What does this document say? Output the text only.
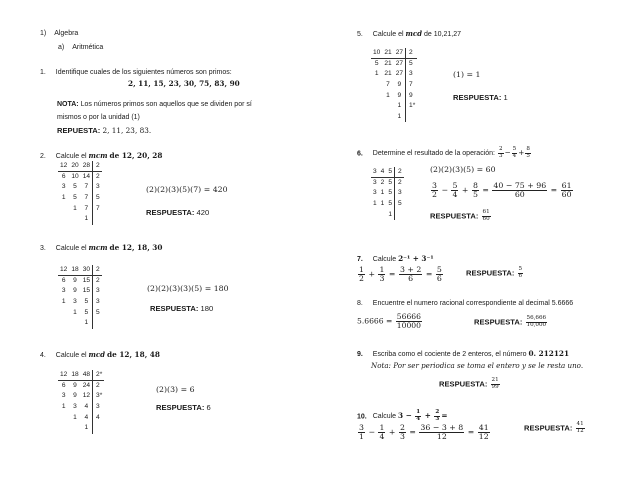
1) Algebra
a) Aritmética
1. Identifique cuales de los siguientes números son primos:
2, 11, 15, 23, 30, 75, 83, 90
NOTA: Los números primos son aquellos que se dividen por sí
mismos o por la unidad (1)
REPUESTA: 2, 11, 23, 83.
2. Calcule el mcm de 12, 20, 28
12	20	28	2
6	10	14	2
3	5	7	3
1	5	7	5
	1	7	7
		1	
(2)(2)(3)(5)(7) = 420
RESPUESTA: 420
3. Calcule el mcm de 12, 18, 30
12	18	30	2
6	9	15	2
3	9	15	3
1	3	5	3
	1	5	5
		1	
(2)(2)(3)(3)(5) = 180
RESPUESTA: 180
4. Calcule el mcd de 12, 18, 48
12	18	48	2*
6	9	24	2
3	9	12	3*
1	3	4	3
	1	4	4
		1	
(2)(3) = 6
RESPUESTA: 6
5. Calcule el mcd de 10,21,27
10	21	27	2
5	21	27	5
1	21	27	3
	7	9	7
	1	9	9
		1	1*
		1	
(1) = 1
RESPUESTA: 1
6. Determine el resultado de la operación: $\frac{2}{3} - \frac{5}{4} + \frac{8}{5}$
3	4	5	2
3	2	5	2
3	1	5	3
1	1	5	5
		1	
(2)(2)(3)(5) = 60
$\frac{3}{2} - \frac{5}{4} + \frac{8}{5} = \frac{40 - 75 + 96}{60} = \frac{61}{60}$
RESPUESTA: $\frac{61}{60}$
7. Calcule 2⁻¹ + 3⁻¹
$\frac{1}{2} + \frac{1}{3} = \frac{3 + 2}{6} = \frac{5}{6}$	RESPUESTA: $\frac{5}{6}$
8. Encuentre el numero racional correspondiente al decimal 5.6666
$5.6666 = \frac{56666}{10000}$	RESPUESTA: $\frac{56,666}{10,000}$
9. Escriba como el cociente de 2 enteros, el número 0. 212121
Nota: Por ser periodica se toma el entero y se le resta uno.
RESPUESTA: $\frac{21}{99}$
10. Calcule $3 - \frac{1}{4} + \frac{2}{3}$ =
$\frac{3}{1} - \frac{1}{4} + \frac{2}{3} = \frac{36 - 3 + 8}{12} = \frac{41}{12}$	RESPUESTA: $\frac{41}{12}$
